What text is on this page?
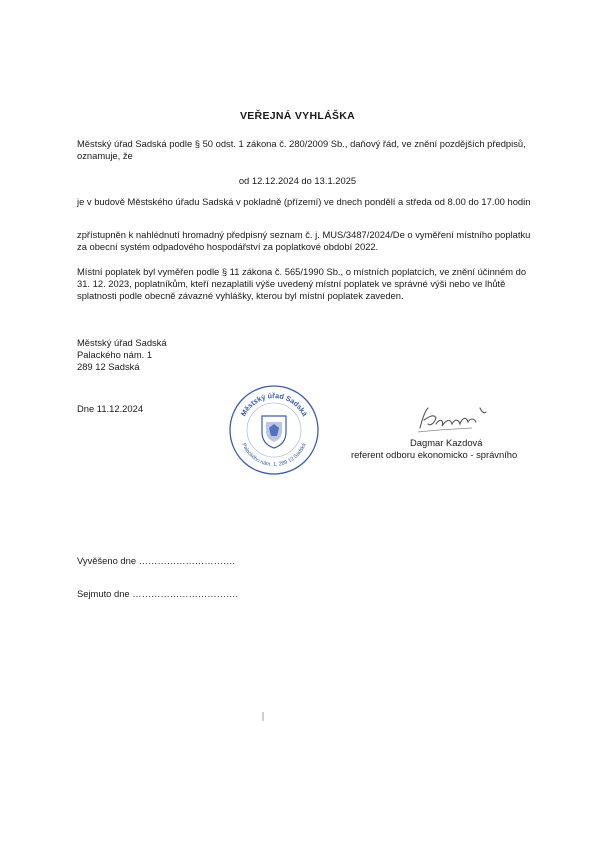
VEŘEJNÁ VYHLÁŠKA
Městský úřad Sadská podle § 50 odst. 1 zákona č. 280/2009 Sb., daňový řád, ve znění pozdějších předpisů, oznamuje, že
od 12.12.2024 do 13.1.2025
je v budově Městského úřadu Sadská v pokladně (přízemí) ve dnech pondělí a středa od 8.00 do 17.00 hodin
zpřístupněn k nahlédnutí hromadný předpisný seznam č. j. MUS/3487/2024/De o vyměření místního poplatku za obecní systém odpadového hospodářství za poplatkové období 2022.
Místní poplatek byl vyměřen podle § 11 zákona č. 565/1990 Sb., o místních poplatcích, ve znění účinném do 31. 12. 2023, poplatníkům, kteří nezaplatili výše uvedený místní poplatek ve správné výši nebo ve lhůtě splatnosti podle obecně závazné vyhlášky, kterou byl místní poplatek zaveden.
Městský úřad Sadská
Palackého nám. 1
289 12 Sadská
Dne 11.12.2024	Městský úřad Sadská
Palackého nám. 1, 289 12 Sadská	Dagmar Kazdová
referent odboru ekonomicko - správního
Vyvěšeno dne ………………………….
Sejmuto dne …………………………….
